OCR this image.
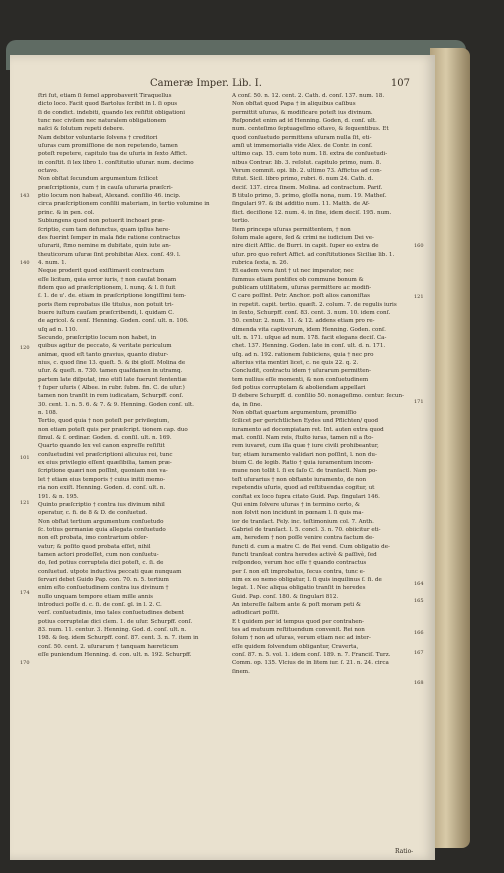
Cameræ Imper. Lib. I.	107

ſtri ſut, etiam ſi ſemel approbaverit Tiraquellus

dicto loco. Facit quod Bartolus ſcribit in l. ſi opus

ſi de condict. indebiti, quando lex reſiſtit obligationi

tunc nec civilem nec naturalem obligationem

naſci & ſolutum repeti debere.

Nam debitor voluntarie ſolvens † creditori

uſuras cum promiſſione de non repetendo, tamen

poteſt repetere, capitulo tua de uſuris in ſexto Affict.

in conſtit. ſi lex libro 1. conſtitutio uſurar. num. decimo

octavo.

Non obſtat ſecundum argumentum ſcilicet

præſcriptionis, cum † in cauſa uſuraria præſcri-

ptio locum non habeat, Alexand. conſilio 46. incip.

circa præſcriptionem conſilii materiam, in tertio volumine in

princ. & in pen. col.

Subiungens quod non potuerit inchoari præ-

ſcriptio, cum tam defunctus, quam ipſius here-

des fuerint ſemper in mala fide ratione contractus

uſurarii, ſtmo nemine m dubitate, quin iute an-

theuticorum uſuræ ſint prohibitæ Alex. conſ. 49. l.

4. num. 1.

Neque proderit quod exiſtimavit contractum

eſſe licitum, quia error iuris, † non cauſat bonam

fidem quo ad præſcriptionem, l. nunq. & l. ſi ſuit

ſ. 1. de u'. de. etiam in præſcriptione longiſſimi tem-

poris ſtem reprobatus ille titulus, non potuit tri-

buere iuſtum cauſam præſcribendi, l. quidam C.

de agricol. & cenſ. Henning. Goden. conſ. ult. n. 106.

uſq ad n. 110.

Secundo, præſcriptio locum non habet, in

quibus agitur de peccato, & veritate periculum

animæ, quod eſt tanto gravius, quanto diutur-

nius, c. quod ſine 13. queſt. 5. & ibi gloſſ. Molina de

uſur. & queſt. n. 730. tamen quaſdamen in utramq.

partem late diſputat, imo etiſi late fuerunt ſententiæ

† ſuper uſuris ( Albee. in rubr. ſubm. fin. C. de uſur.)

tamen non tranſit in rem iudicatam, Schurpff. conſ.

30. cent. 1. n. 5. 6. & 7. & 9. Henning. Goden conſ. ult.

n. 108.

Tertio, quod quia † non poteſt per privilegium,

non etiam poteſt quis per præſcript. tionem cap. duo

ſimul. & ſ. ordinar. Goden. d. conſil. ult. n. 169.

Quarto quando lex vel canon expreſſe reſiſtit

conſuetudini vel præſcriptioni alicuius rei, tunc

ex eius privilegio eſſent quæſibilia, tamen præ-

ſcriptione quæri non poſſint, quoniam non va-

let † etiam eius temporis † cuius initii memo-

ria non exiſt. Henning. Goden. d. conſ. ult. n.

191. & n. 195.

Quinto præſcriptio † contra ius divinum nihil

operatur, c. fi. de 8 & D. de conſuetud.

Non obſtat tertium argumentum conſuetudo

ſc. totius germaniæ quia allegata conſuetudo

non eſt probata, imo contrarium obſer-

vatur; & poſito quod probata eſſet, nihil

tamen actori prodeſſet, cum non conſuetu-

do, ſed potius corruptela dici poteſt, c. ſi. de

conſuetud. utpote inductiva peccati quæ nunquam

ſervari debet Guido Pap. con. 70. n. 5. tertium

enim eſto conſuetudinem contra ius divinum †

nullo unquam tempore etiam mille annis

introduci poſſe d. c. ſi. de conſ. gl. in l. 2. C.

verſ. conſuetudinis, imo tales conſuetudines debent

potius corruptelæ dici clem. 1. de uſur. Schurpff. conſ.

83. num. 11. centur. 3. Henning. God. d. conſ. ult. n.

198. & ſeq. idem Schurpff. conſ. 87. cent. 3. n. 7. item in

conſ. 50. cent. 2. uſurarum † tanquam hæreticum

eſſe puniendum Henning. d. con. ult. n. 192. Schurpff.

A conſ. 50. n. 12. cent. 2. Cath. d. conſ. 137. num. 18.

Non obſtat quod Papa † in aliquibus caſibus

permittit uſuras, & modificare poteſt ius divinum.

Reſpondet enim ad id Henning. Goden, d. conſ. ult.

num. centeſimo ſeptuageſimo oſtavo, & ſequentibus. Et

quod conſuetudo permittens uſuram nulla ſit, eti-

amſi ut immemorialis vide Alex. de Contr. in conſ.

ultimo cap. 15. cum toto num. 18. extra de conſuetudi-

nibus Contrar. lib. 3. reſolut. capitulo primo, num. 8.

Verum commit. opi. lib. 2. ultimo 73. Affictus ad con-

ſtitut. Sicil. libro primo, rubri. 6. num 24. Cath. d.

deciſ. 137. circa ſinem. Molina. ad contractum. Parif.

B titulo primo, 5. primo, gloſſa nona, num. 19. Matheſ.

ſingulari 97. & ibi additio num. 11. Matth. de Af-

flict. deciſione 12. num. 4. in ſine, idem deciſ. 195. num.

tertio.

Item princeps uſuras permittentem, † non

ſolum male agere, ſed & crimi ne iudicium Dei ve-

nire dicit Afflic. de Burri. in capit. ſuper eo extra de

uſur. pro quo refert Affict. ad conſtitutiones Siciliæ lib. 1.

rubrica ſexta, n. 26.

Et eadem vera ſunt † ut nec imperator, nec

ſummus etiam pontifex ob commune bonum &

publicam utilitatem, uſuras permittere ac modifi-

C care poſſint. Petr. Anchor. poſt alios canoniſtas

in repetit. capit. tertio. quæſt. 2. colum. 7. de regulis iuris

in ſexto, Schurpff. conſ. 83. cent. 3. num. 10. idem conſ.

50. centur. 2. num. 11. & 12. addens etiam pro re-

dimenda vita captivorum, idem Henning. Goden. conſ.

ult. n. 171. uſque ad num. 178. facit elegans deciſ. Ca-

chet. 137. Henning. Goden. late in conſ. ult. d. n. 171.

uſq. ad n. 192. rationem ſubiiciens, quia † nec pro

alterius vita mentiri licet, c. ne quis 22. q. 2.

Concludit, contractu idem † uſurarum permitten-

tem nullius eſſe momenti, & non conſuetudinem

ſed potius corruptelam & aboliendam appellari

D debere Schurpff. d. conſilio 50. nonageſimo. centur. ſecun-

da, in ſine.

Non obſtat quartum argumentum, promiſſio

ſcilicet per gerichtlichen Eydes und Pflichten/ quod

iuramento ad docompiatam ret. Int. auten extra quod

mat. conſil. Nam reis, ſtulto iuras, tamen nil a ſto-

rem iuvaret, cum illa quæ † iure civili prohibeantur,

tur, etiam iuramento validari non poſſint, l. non du-

bium C. de legib. Ratio † quia iuramentum incom-

mune non tollit l. ſi ex ſaſo C. de tranſactl. Nam po-

teſt uſurarius † non obſtante iuramento, de non

repetendis uſuris, quod ad reſtituendas cogitur, ut

conſtat ex loco ſupra citato Guid. Pap. ſingulari 146.

Qui enim ſolvere uſuras † in termino certo, &

non ſolvit non incidunt in pœnam l. ſi quis ma-

ior de tranſact. Fely. inc. teſtimonium col. 7. Anth.

Gabriel de tranſact. l. 5. concl. 3. n. 70. obiicitur eti-

am, heredem † non poſſe venire contra factum de-

functi d. cum a matre C. de Rei vend. Cum obligatio de-

functi tranſeat contra heredes activè & paſſivè, ſed

reſpondeo, verum hoc eſſe † quando contractus

per ſ. non eſt improbatus, ſecus contra, tunc e-

nim ex eo nemo obligatur, l. ſi quis inquilinus ſ. ſi. de

legat. 1. Nec aliqua obligatio tranſit in heredes

Guid. Pap. conſ. 180. & ſingulari 812.

An intereſſe ſaltem ante & poſt moram peti &

adiudicari poſſit.

E t quidem per id tempus quod per contrahen-

tes ad mutuum reſtituendum convenit. Rei non

ſolum † non ad uſuras, verum etiam nec ad inter-

eſſe quidem ſolvendum obligantur, Craverta,

conſ. 87. n. 5. vol. 1. idem conſ. 189. n. 7. Franciſ. Turz.

Comm. op. 135. Vlcius de in litem iur. ſ. 21. n. 24. circa

ſinem.

143
140
120
101
121
174
170
160
121
171
164
165
166
167
168
Ratio-
